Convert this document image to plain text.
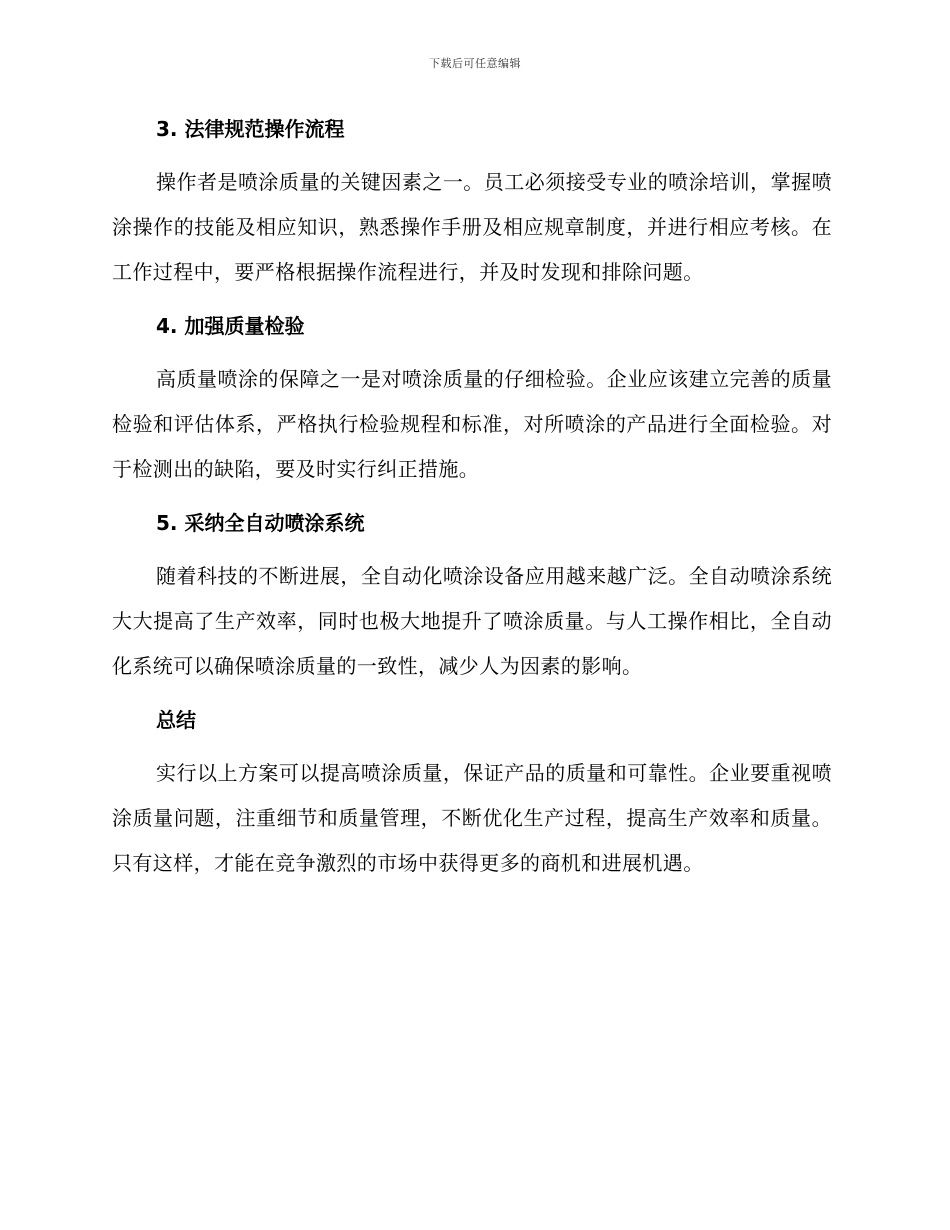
下载后可任意编辑
3. 法律规范操作流程

操作者是喷涂质量的关键因素之一。员工必须接受专业的喷涂培训，掌握喷涂操作的技能及相应知识，熟悉操作手册及相应规章制度，并进行相应考核。在工作过程中，要严格根据操作流程进行，并及时发现和排除问题。

4. 加强质量检验

高质量喷涂的保障之一是对喷涂质量的仔细检验。企业应该建立完善的质量检验和评估体系，严格执行检验规程和标准，对所喷涂的产品进行全面检验。对于检测出的缺陷，要及时实行纠正措施。

5. 采纳全自动喷涂系统

随着科技的不断进展，全自动化喷涂设备应用越来越广泛。全自动喷涂系统大大提高了生产效率，同时也极大地提升了喷涂质量。与人工操作相比，全自动化系统可以确保喷涂质量的一致性，减少人为因素的影响。

总结

实行以上方案可以提高喷涂质量，保证产品的质量和可靠性。企业要重视喷涂质量问题，注重细节和质量管理，不断优化生产过程，提高生产效率和质量。只有这样，才能在竞争激烈的市场中获得更多的商机和进展机遇。
